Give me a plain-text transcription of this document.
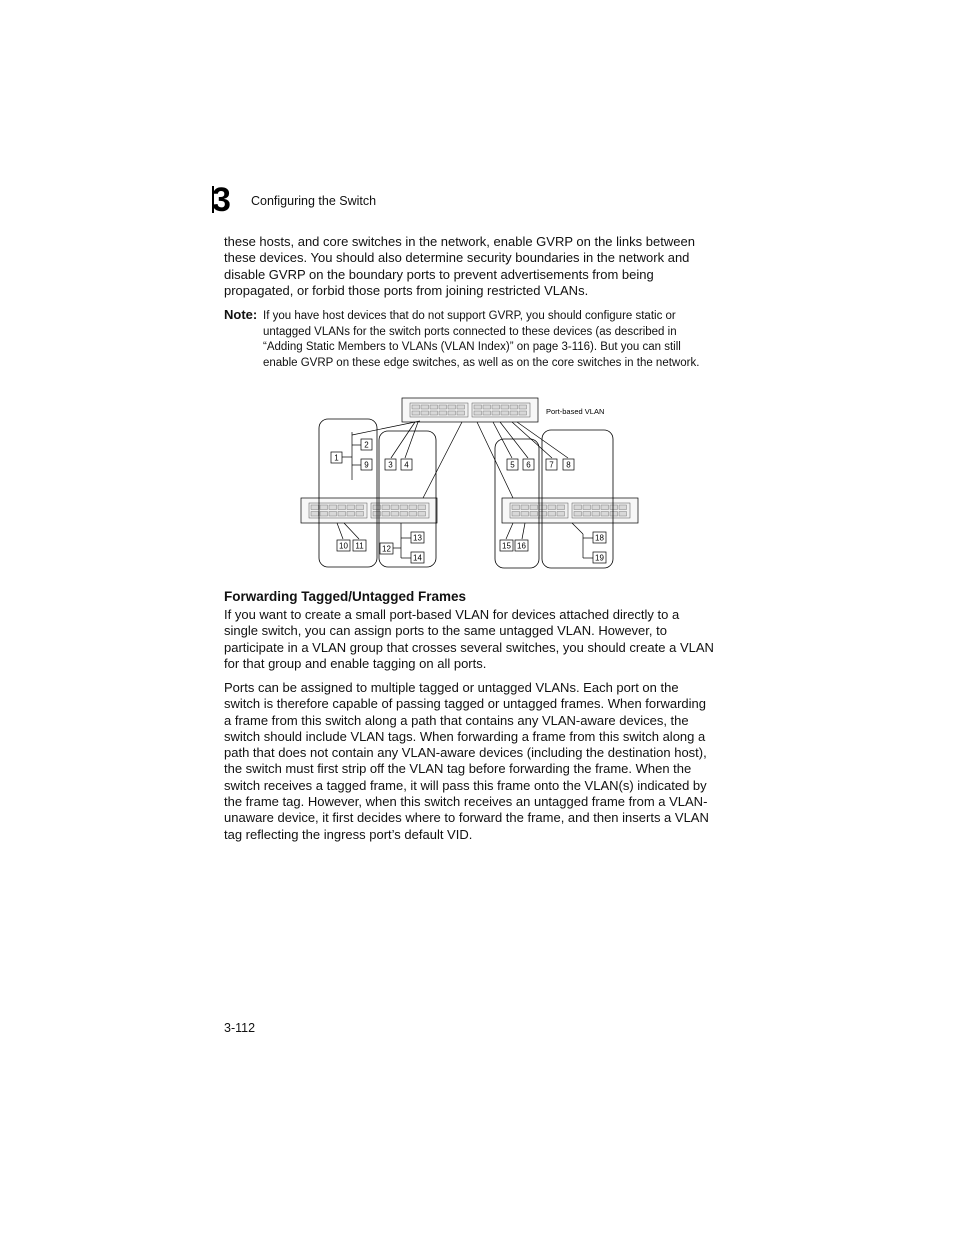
3 Configuring the Switch

these hosts, and core switches in the network, enable GVRP on the links between these devices. You should also determine security boundaries in the network and disable GVRP on the boundary ports to prevent advertisements from being propagated, or forbid those ports from joining restricted VLANs.

Note: If you have host devices that do not support GVRP, you should configure static or untagged VLANs for the switch ports connected to these devices (as described in “Adding Static Members to VLANs (VLAN Index)” on page 3-116). But you can still enable GVRP on these edge switches, as well as on the core switches in the network.

1
2
9 3 4	5 6 7 8
10 11 12
13
14
15 16
18
19
Port-based VLAN
Forwarding Tagged/Untagged Frames

If you want to create a small port-based VLAN for devices attached directly to a single switch, you can assign ports to the same untagged VLAN. However, to participate in a VLAN group that crosses several switches, you should create a VLAN for that group and enable tagging on all ports.

Ports can be assigned to multiple tagged or untagged VLANs. Each port on the switch is therefore capable of passing tagged or untagged frames. When forwarding a frame from this switch along a path that contains any VLAN-aware devices, the switch should include VLAN tags. When forwarding a frame from this switch along a path that does not contain any VLAN-aware devices (including the destination host), the switch must first strip off the VLAN tag before forwarding the frame. When the switch receives a tagged frame, it will pass this frame onto the VLAN(s) indicated by the frame tag. However, when this switch receives an untagged frame from a VLAN-unaware device, it first decides where to forward the frame, and then inserts a VLAN tag reflecting the ingress port’s default VID.

3-112
